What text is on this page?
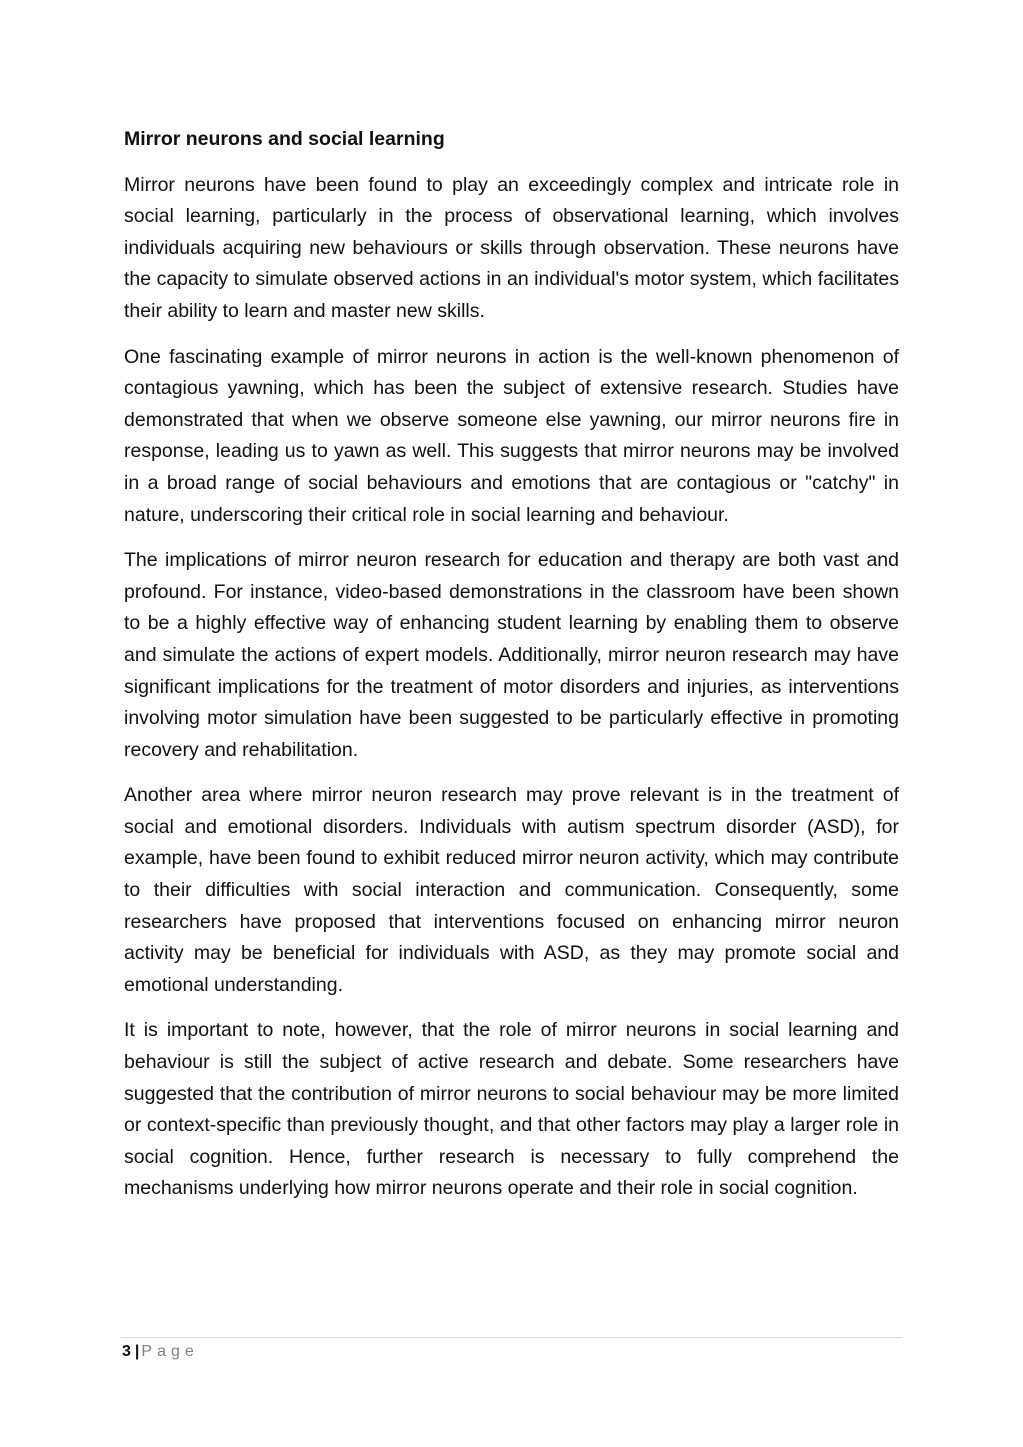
Mirror neurons and social learning

Mirror neurons have been found to play an exceedingly complex and intricate role in social learning, particularly in the process of observational learning, which involves individuals acquiring new behaviours or skills through observation. These neurons have the capacity to simulate observed actions in an individual's motor system, which facilitates their ability to learn and master new skills.

One fascinating example of mirror neurons in action is the well-known phenomenon of contagious yawning, which has been the subject of extensive research. Studies have demonstrated that when we observe someone else yawning, our mirror neurons fire in response, leading us to yawn as well. This suggests that mirror neurons may be involved in a broad range of social behaviours and emotions that are contagious or "catchy" in nature, underscoring their critical role in social learning and behaviour.

The implications of mirror neuron research for education and therapy are both vast and profound. For instance, video-based demonstrations in the classroom have been shown to be a highly effective way of enhancing student learning by enabling them to observe and simulate the actions of expert models. Additionally, mirror neuron research may have significant implications for the treatment of motor disorders and injuries, as interventions involving motor simulation have been suggested to be particularly effective in promoting recovery and rehabilitation.

Another area where mirror neuron research may prove relevant is in the treatment of social and emotional disorders. Individuals with autism spectrum disorder (ASD), for example, have been found to exhibit reduced mirror neuron activity, which may contribute to their difficulties with social interaction and communication. Consequently, some researchers have proposed that interventions focused on enhancing mirror neuron activity may be beneficial for individuals with ASD, as they may promote social and emotional understanding.

It is important to note, however, that the role of mirror neurons in social learning and behaviour is still the subject of active research and debate. Some researchers have suggested that the contribution of mirror neurons to social behaviour may be more limited or context-specific than previously thought, and that other factors may play a larger role in social cognition. Hence, further research is necessary to fully comprehend the mechanisms underlying how mirror neurons operate and their role in social cognition.

3 | Page
